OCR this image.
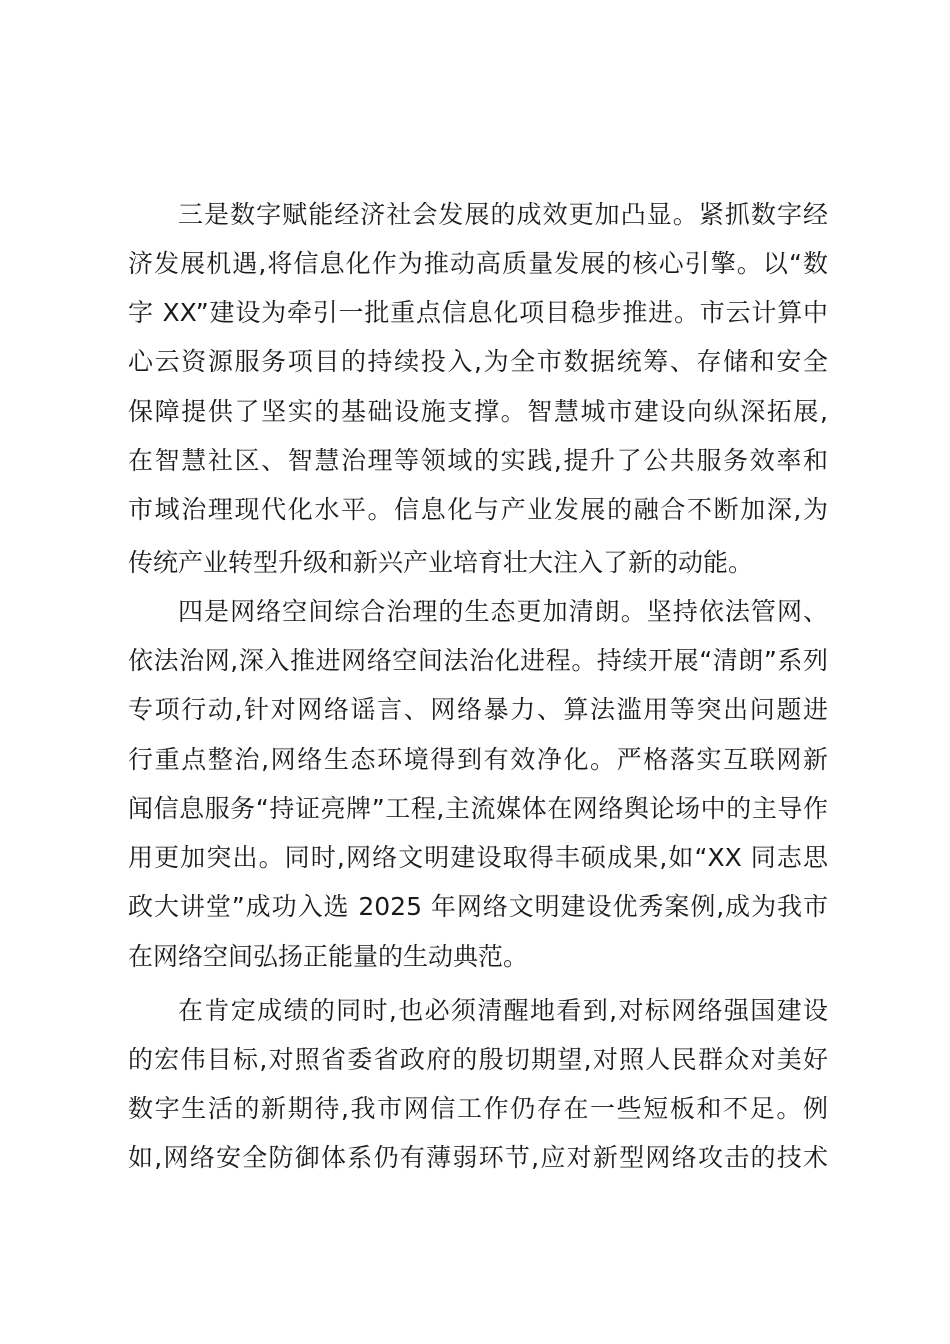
三是数字赋能经济社会发展的成效更加凸显。紧抓数字经
济发展机遇,将信息化作为推动高质量发展的核心引擎。以“数
字 XX”建设为牵引一批重点信息化项目稳步推进。市云计算中
心云资源服务项目的持续投入,为全市数据统筹、存储和安全
保障提供了坚实的基础设施支撑。智慧城市建设向纵深拓展,
在智慧社区、智慧治理等领域的实践,提升了公共服务效率和
市域治理现代化水平。信息化与产业发展的融合不断加深,为
传统产业转型升级和新兴产业培育壮大注入了新的动能。
四是网络空间综合治理的生态更加清朗。坚持依法管网、
依法治网,深入推进网络空间法治化进程。持续开展“清朗”系列
专项行动,针对网络谣言、网络暴力、算法滥用等突出问题进
行重点整治,网络生态环境得到有效净化。严格落实互联网新
闻信息服务“持证亮牌”工程,主流媒体在网络舆论场中的主导作
用更加突出。同时,网络文明建设取得丰硕成果,如“XX 同志思
政大讲堂”成功入选 2025 年网络文明建设优秀案例,成为我市
在网络空间弘扬正能量的生动典范。
在肯定成绩的同时,也必须清醒地看到,对标网络强国建设
的宏伟目标,对照省委省政府的殷切期望,对照人民群众对美好
数字生活的新期待,我市网信工作仍存在一些短板和不足。例
如,网络安全防御体系仍有薄弱环节,应对新型网络攻击的技术
